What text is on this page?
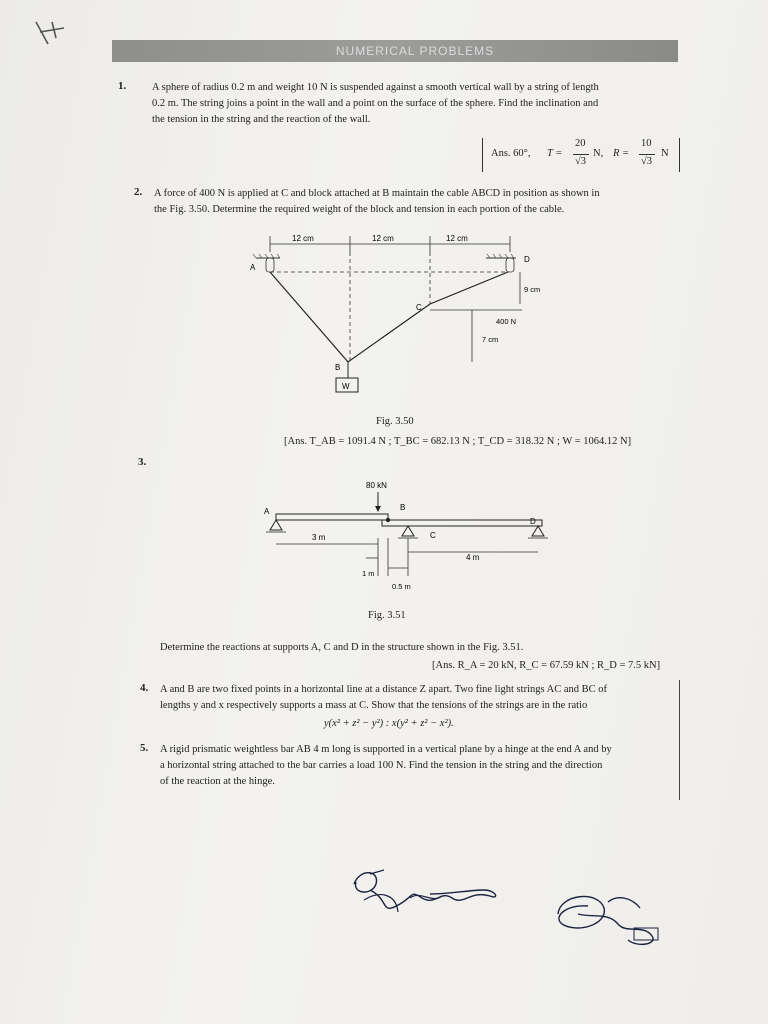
NUMERICAL PROBLEMS
1. A sphere of radius 0.2 m and weight 10 N is suspended against a smooth vertical wall by a string of length
0.2 m. The string joins a point in the wall and a point on the surface of the sphere. Find the inclination and
the tension in the string and the reaction of the wall.
Ans. 60°, T =
20
√3
N, R =
10
√3
N
2. A force of 400 N is applied at C and block attached at B maintain the cable ABCD in position as shown in
the Fig. 3.50. Determine the required weight of the block and tension in each portion of the cable.
12 cm	12 cm	12 cm
9 cm
400 N
7 cm
A
B
C
D
W
Fig. 3.50
[Ans. T_AB = 1091.4 N ; T_BC = 682.13 N ; T_CD = 318.32 N ; W = 1064.12 N]
3.
80 kN
A	B
C
D
3 m
4 m
1 m
0.5 m
Fig. 3.51
Determine the reactions at supports A, C and D in the structure shown in the Fig. 3.51.
[Ans. R_A = 20 kN, R_C = 67.59 kN ; R_D = 7.5 kN]
4. A and B are two fixed points in a horizontal line at a distance Z apart. Two fine light strings AC and BC of
lengths y and x respectively supports a mass at C. Show that the tensions of the strings are in the ratio
y(x² + z² − y²) : x(y² + z² − x²).
5. A rigid prismatic weightless bar AB 4 m long is supported in a vertical plane by a hinge at the end A and by
a horizontal string attached to the bar carries a load 100 N. Find the tension in the string and the direction
of the reaction at the hinge.
